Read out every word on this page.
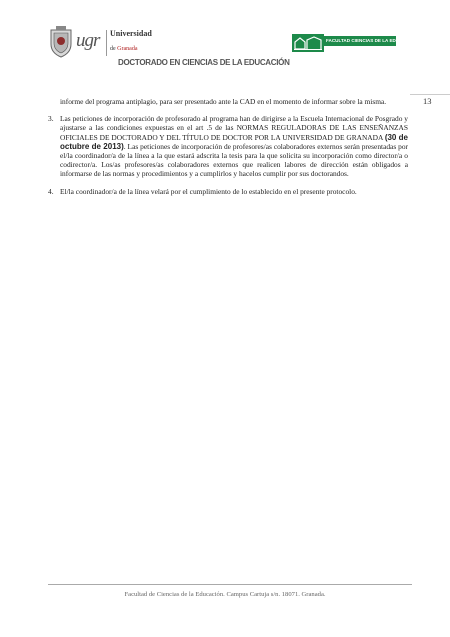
ugr Universidad
de Granada
FACULTAD CIENCIAS DE LA EDUCACIÓN
DOCTORADO EN CIENCIAS DE LA EDUCACIÓN
13

informe del programa antiplagio, para ser presentado ante la CAD en el momento de informar sobre la misma.

3. Las peticiones de incorporación de profesorado al programa han de dirigirse a la Escuela Internacional de Posgrado y ajustarse a las condiciones expuestas en el art .5 de las NORMAS REGULADORAS DE LAS ENSEÑANZAS OFICIALES DE DOCTORADO Y DEL TÍTULO DE DOCTOR POR LA UNIVERSIDAD DE GRANADA (30 de octubre de 2013). Las peticiones de incorporación de profesores/as colaboradores externos serán presentadas por el/la coordinador/a de la línea a la que estará adscrita la tesis para la que solicita su incorporación como director/a o codirector/a. Los/as profesores/as colaboradores externos que realicen labores de dirección están obligados a informarse de las normas y procedimientos y a cumplirlos y hacelos cumplir por sus doctorandos.

4. El/la coordinador/a de la línea velará por el cumplimiento de lo establecido en el presente protocolo.

Facultad de Ciencias de la Educación. Campus Cartuja s/n. 18071. Granada.
